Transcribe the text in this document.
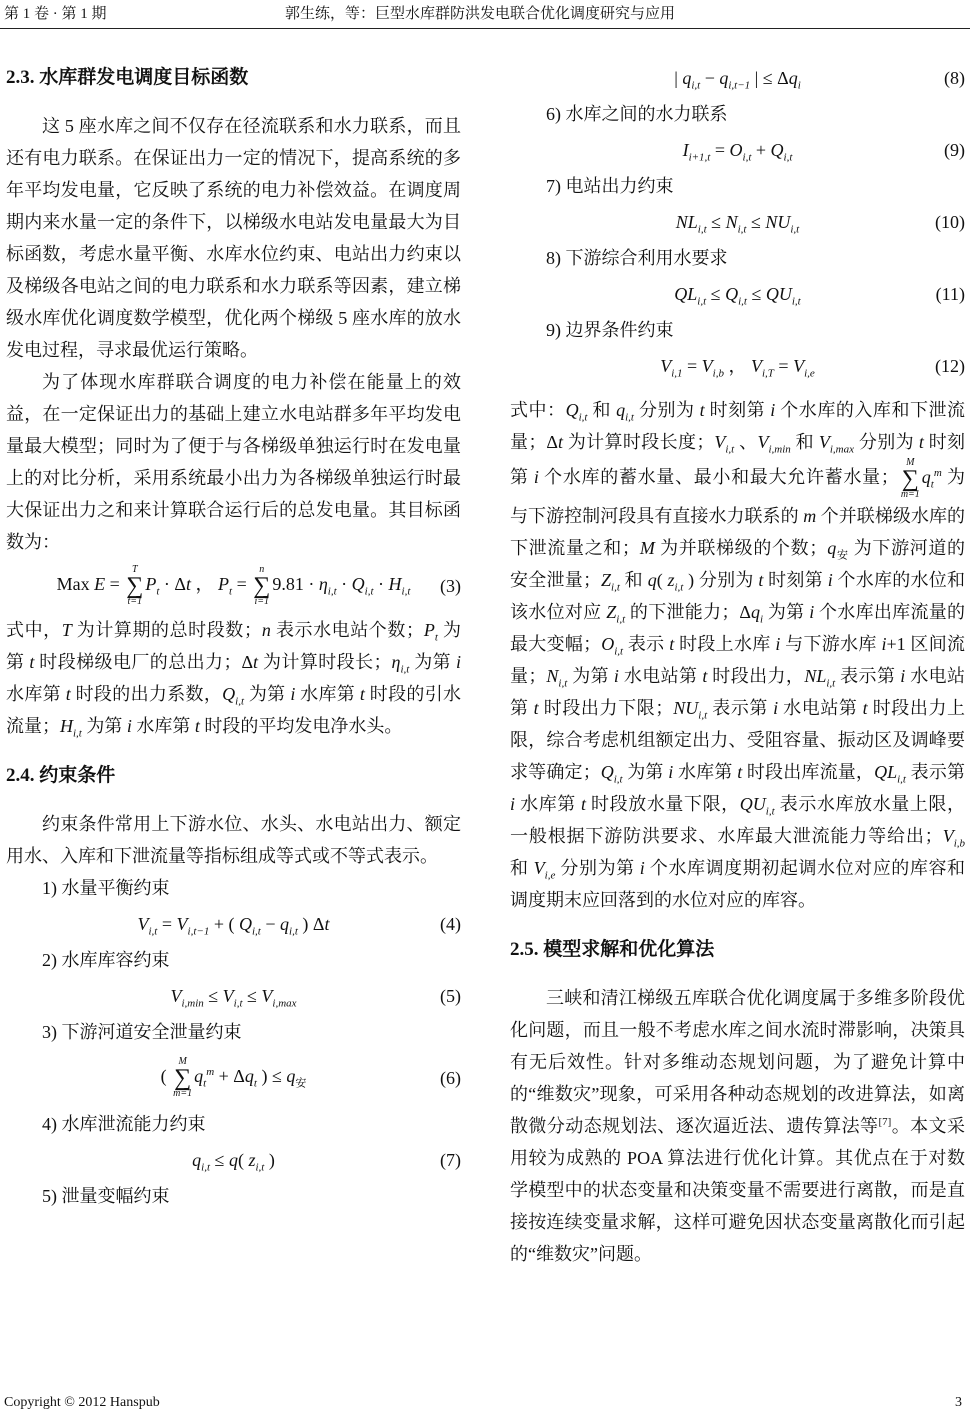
第 1 卷 · 第 1 期	郭生练，等：巨型水库群防洪发电联合优化调度研究与应用
2.3. 水库群发电调度目标函数

这 5 座水库之间不仅存在径流联系和水力联系，而且还有电力联系。在保证出力一定的情况下，提高系统的多年平均发电量，它反映了系统的电力补偿效益。在调度周期内来水量一定的条件下，以梯级水电站发电量最大为目标函数，考虑水量平衡、水库水位约束、电站出力约束以及梯级各电站之间的电力联系和水力联系等因素，建立梯级水库优化调度数学模型，优化两个梯级 5 座水库的放水发电过程，寻求最优运行策略。

为了体现水库群联合调度的电力补偿在能量上的效益，在一定保证出力的基础上建立水电站群多年平均发电量最大模型；同时为了便于与各梯级单独运行时在发电量上的对比分析，采用系统最小出力为各梯级单独运行时最大保证出力之和来计算联合运行后的总发电量。其目标函数为：

Max E =
T
∑
t=1
$P_t \cdot \Delta t$ ， $P_t$ =
n
∑
i=1
$9.81 \cdot \eta_{i,t} \cdot Q_{i,t} \cdot H_{i,t}$ (3)

式中，T 为计算期的总时段数；n 表示水电站个数；$P_t$ 为第 t 时段梯级电厂的总出力；Δt 为计算时段长；$\eta_{i,t}$ 为第 i 水库第 t 时段的出力系数，$Q_{i,t}$ 为第 i 水库第 t 时段的引水流量；$H_{i,t}$ 为第 i 水库第 t 时段的平均发电净水头。

2.4. 约束条件

约束条件常用上下游水位、水头、水电站出力、额定用水、入库和下泄流量等指标组成等式或不等式表示。

1) 水量平衡约束

$V_{i,t} = V_{i,t-1}$ + ( $Q_{i,t} - q_{i,t}$ ) Δt	(4)

2) 水库库容约束

$V_{i,min} \le V_{i,t} \le V_{i,max}$	(5)

3) 下游河道安全泄量约束

(
M
∑
m=1
$q_t^m + \Delta q_t$ ) ≤ $q_安$	(6)

4) 水库泄流能力约束

$q_{i,t} \le q$( $z_{i,t}$ )	(7)

5) 泄量变幅约束

| $q_{i,t} - q_{i,t-1}$ | ≤ $\Delta q_i$	(8)

6) 水库之间的水力联系

$I_{i+1,t} = O_{i,t} + Q_{i,t}$	(9)

7) 电站出力约束

$NL_{i,t} \le N_{i,t} \le NU_{i,t}$	(10)

8) 下游综合利用水要求

$QL_{i,t} \le Q_{i,t} \le QU_{i,t}$	(11)

9) 边界条件约束

$V_{i,1} = V_{i,b}$ ， $V_{i,T} = V_{i,e}$	(12)

式中：$Q_{i,t}$ 和 $q_{i,t}$ 分别为 t 时刻第 i 个水库的入库和下泄流量；Δt 为计算时段长度；$V_{i,t}$ 、$V_{i,min}$ 和 $V_{i,max}$ 分别为 t 时刻第 i 个水库的蓄水量、最小和最大允许蓄水量；
M
∑
m=1
$q_t^m$ 为与下游控制河段具有直接水力联系的 m 个并联梯级水库的下泄流量之和；M 为并联梯级的个数；$q_安$ 为下游河道的安全泄量；$Z_{i,t}$ 和 q( $z_{i,t}$ ) 分别为 t 时刻第 i 个水库的水位和该水位对应 $Z_{i,t}$ 的下泄能力；$\Delta q_i$ 为第 i 个水库出库流量的最大变幅；$O_{i,t}$ 表示 t 时段上水库 i 与下游水库 i+1 区间流量；$N_{i,t}$ 为第 i 水电站第 t 时段出力，$NL_{i,t}$ 表示第 i 水电站第 t 时段出力下限；$NU_{i,t}$ 表示第 i 水电站第 t 时段出力上限，综合考虑机组额定出力、受阻容量、振动区及调峰要求等确定；$Q_{i,t}$ 为第 i 水库第 t 时段出库流量，$QL_{i,t}$ 表示第 i 水库第 t 时段放水量下限，$QU_{i,t}$ 表示水库放水量上限，一般根据下游防洪要求、水库最大泄流能力等给出；$V_{i,b}$ 和 $V_{i,e}$ 分别为第 i 个水库调度期初起调水位对应的库容和调度期末应回落到的水位对应的库容。

2.5. 模型求解和优化算法

三峡和清江梯级五库联合优化调度属于多维多阶段优化问题，而且一般不考虑水库之间水流时滞影响，决策具有无后效性。针对多维动态规划问题，为了避免计算中的“维数灾”现象，可采用各种动态规划的改进算法，如离散微分动态规划法、逐次逼近法、遗传算法等[7]。本文采用较为成熟的 POA 算法进行优化计算。其优点在于对数学模型中的状态变量和决策变量不需要进行离散，而是直接按连续变量求解，这样可避免因状态变量离散化而引起的“维数灾”问题。

Copyright © 2012 Hanspub	3
